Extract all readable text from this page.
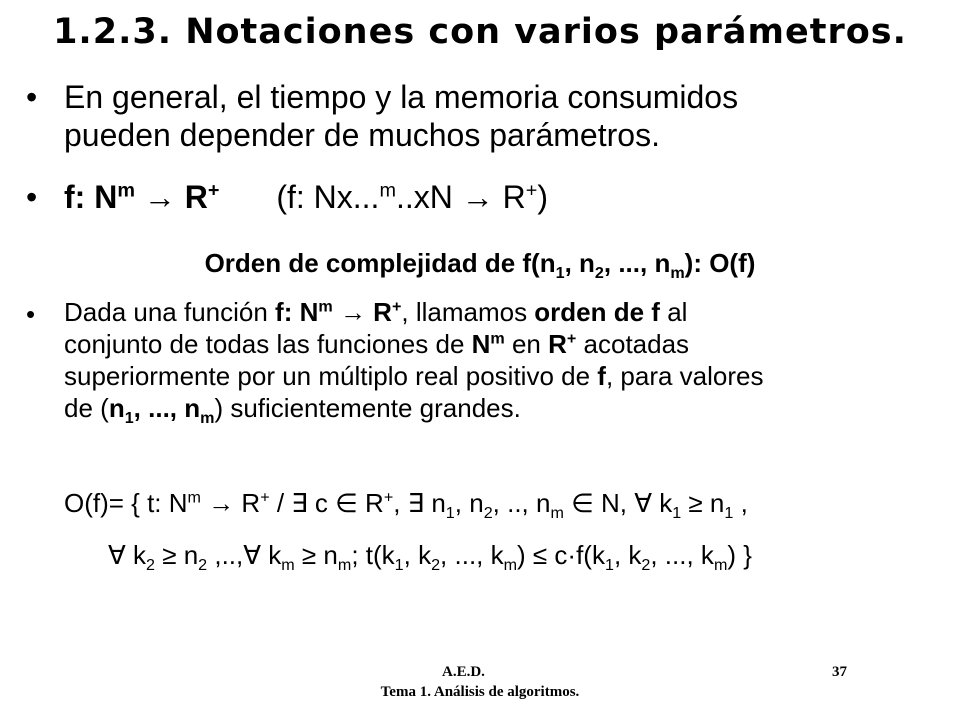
1.2.3. Notaciones con varios parámetros.
• En general, el tiempo y la memoria consumidos
pueden depender de muchos parámetros.
• f: $N^m \to R^+$ (f: Nx...$^m$..xN → R+)
Orden de complejidad de $f(n_1$, $n_2$, ..., $n_m$): O(f)
• Dada una función f: $N^m \to R^+$, llamamos orden de f al
conjunto de todas las funciones de $N^m$ en R+ acotadas
superiormente por un múltiplo real positivo de f, para valores
de ($n_1$, ..., $n_m$) suficientemente grandes.
O(f)= { t: $N^m \to R^+$ / ∃ c ∈ R+, ∃ $n_1$, $n_2$, .., $n_m$ ∈ N, ∀ $k_1 \ge n_1$ ,
∀ $k_2 \ge n_2$ ,..,∀ $k_m \ge n_m$; $t(k_1$, $k_2$, ..., $k_m) \le c\cdot f(k_1$, $k_2$, ..., $k_m$) }
A.E.D.
Tema 1. Análisis de algoritmos.
37
